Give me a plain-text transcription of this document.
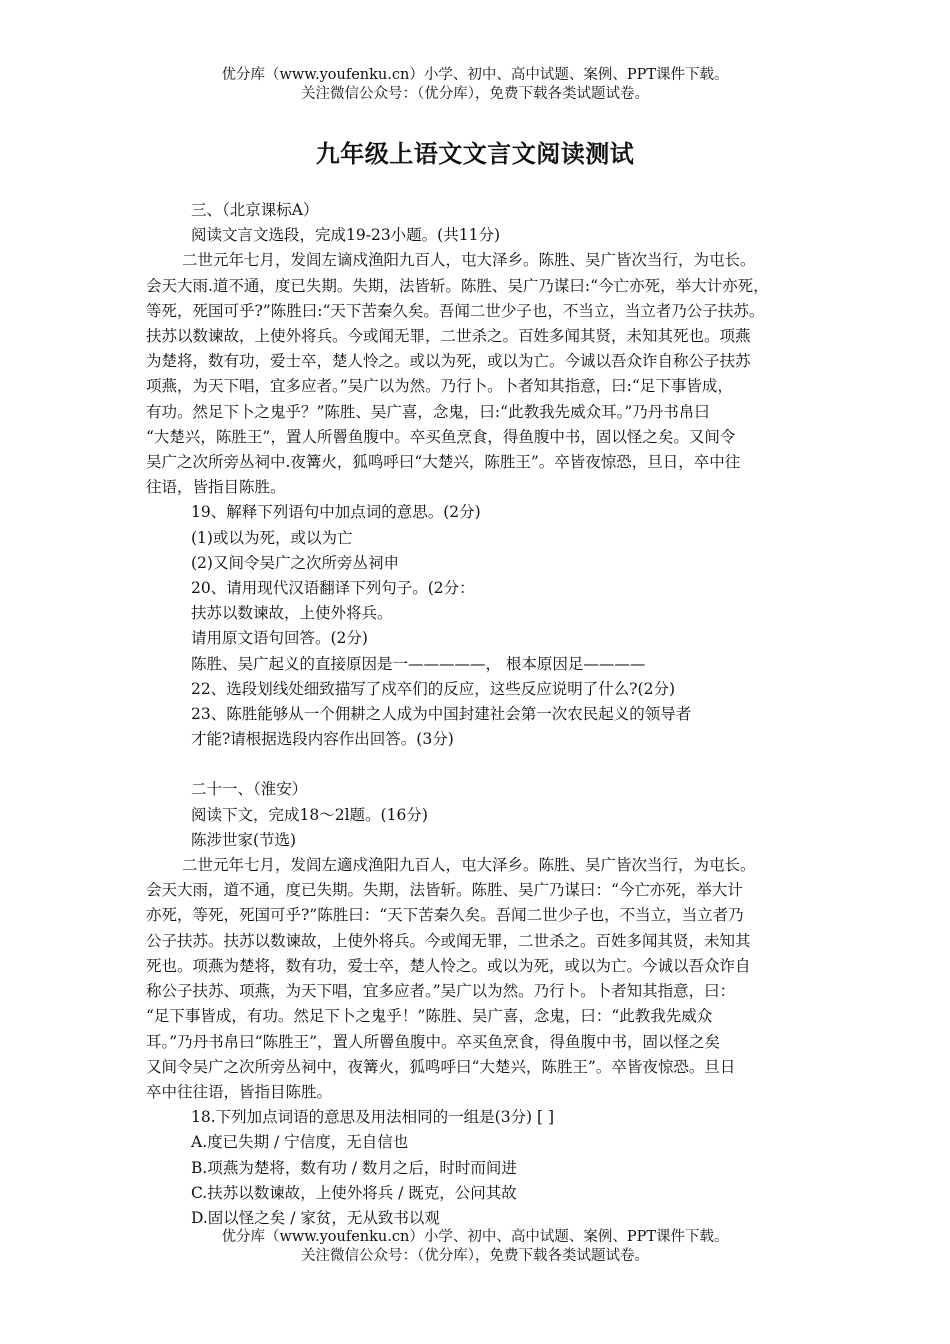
优分库（www.youfenku.cn）小学、初中、高中试题、案例、PPT课件下载。
关注微信公众号：（优分库），免费下载各类试题试卷。
九年级上语文文言文阅读测试
三、（北京课标A）
阅读文言文选段，完成19-23小题。(共11分)
二世元年七月，发闾左谪戍渔阳九百人，屯大泽乡。陈胜、吴广皆次当行，为屯长。
会天大雨.道不通，度已失期。失期，法皆斩。陈胜、吴广乃谋曰:“今亡亦死，举大计亦死，
等死，死国可乎?”陈胜曰:“天下苦秦久矣。吾闻二世少子也，不当立，当立者乃公子扶苏。
扶苏以数谏故，上使外将兵。今或闻无罪，二世杀之。百姓多闻其贤，未知其死也。项燕
为楚将，数有功，爱士卒，楚人怜之。或以为死，或以为亡。今诚以吾众诈自称公子扶苏
项燕，为天下唱，宜多应者。”吴广以为然。乃行卜。卜者知其指意，曰:“足下事皆成，
有功。然足下卜之鬼乎？”陈胜、吴广喜，念鬼，曰:“此教我先威众耳。”乃丹书帛曰
“大楚兴，陈胜王”，置人所罾鱼腹中。卒买鱼烹食，得鱼腹中书，固以怪之矣。又间令
吴广之次所旁丛祠中.夜篝火，狐鸣呼曰“大楚兴，陈胜王”。卒皆夜惊恐，旦日，卒中往
往语，皆指目陈胜。
19、解释下列语句中加点词的意思。(2分)
(1)或以为死，或以为亡
(2)又间令吴广之次所旁丛祠申
20、请用现代汉语翻译下列句子。(2分：
扶苏以数谏故，上使外将兵。
请用原文语句回答。(2分)
陈胜、吴广起义的直接原因是一—————， 根本原因足————
22、选段划线处细致描写了戍卒们的反应，这些反应说明了什么?(2分)
23、陈胜能够从一个佣耕之人成为中国封建社会第一次农民起义的领导者
才能?请根据选段内容作出回答。(3分)
二十一、（淮安）
阅读下文，完成18～2l题。(16分)
陈涉世家(节选)
二世元年七月，发闾左適戍渔阳九百人，屯大泽乡。陈胜、吴广皆次当行，为屯长。
会天大雨，道不通，度已失期。失期，法皆斩。陈胜、吴广乃谋曰：“今亡亦死，举大计
亦死，等死，死国可乎?”陈胜曰：“天下苦秦久矣。吾闻二世少子也，不当立，当立者乃
公子扶苏。扶苏以数谏故，上使外将兵。今或闻无罪，二世杀之。百姓多闻其贤，未知其
死也。项燕为楚将，数有功，爱士卒，楚人怜之。或以为死，或以为亡。今诚以吾众诈自
称公子扶苏、项燕，为天下唱，宜多应者。”吴广以为然。乃行卜。卜者知其指意，曰：
“足下事皆成，有功。然足下卜之鬼乎！”陈胜、吴广喜，念鬼，曰：“此教我先威众
耳。”乃丹书帛曰“陈胜王”，置人所罾鱼腹中。卒买鱼烹食，得鱼腹中书，固以怪之矣
又间令吴广之次所旁丛祠中，夜篝火，狐鸣呼曰“大楚兴，陈胜王”。卒皆夜惊恐。旦日
卒中往往语，皆指目陈胜。
18.下列加点词语的意思及用法相同的一组是(3分) [ ]
A.度已失期 / 宁信度，无自信也
B.项燕为楚将，数有功 / 数月之后，时时而间进
C.扶苏以数谏故，上使外将兵 / 既克，公问其故
D.固以怪之矣 / 家贫，无从致书以观
优分库（www.youfenku.cn）小学、初中、高中试题、案例、PPT课件下载。
关注微信公众号：（优分库），免费下载各类试题试卷。
